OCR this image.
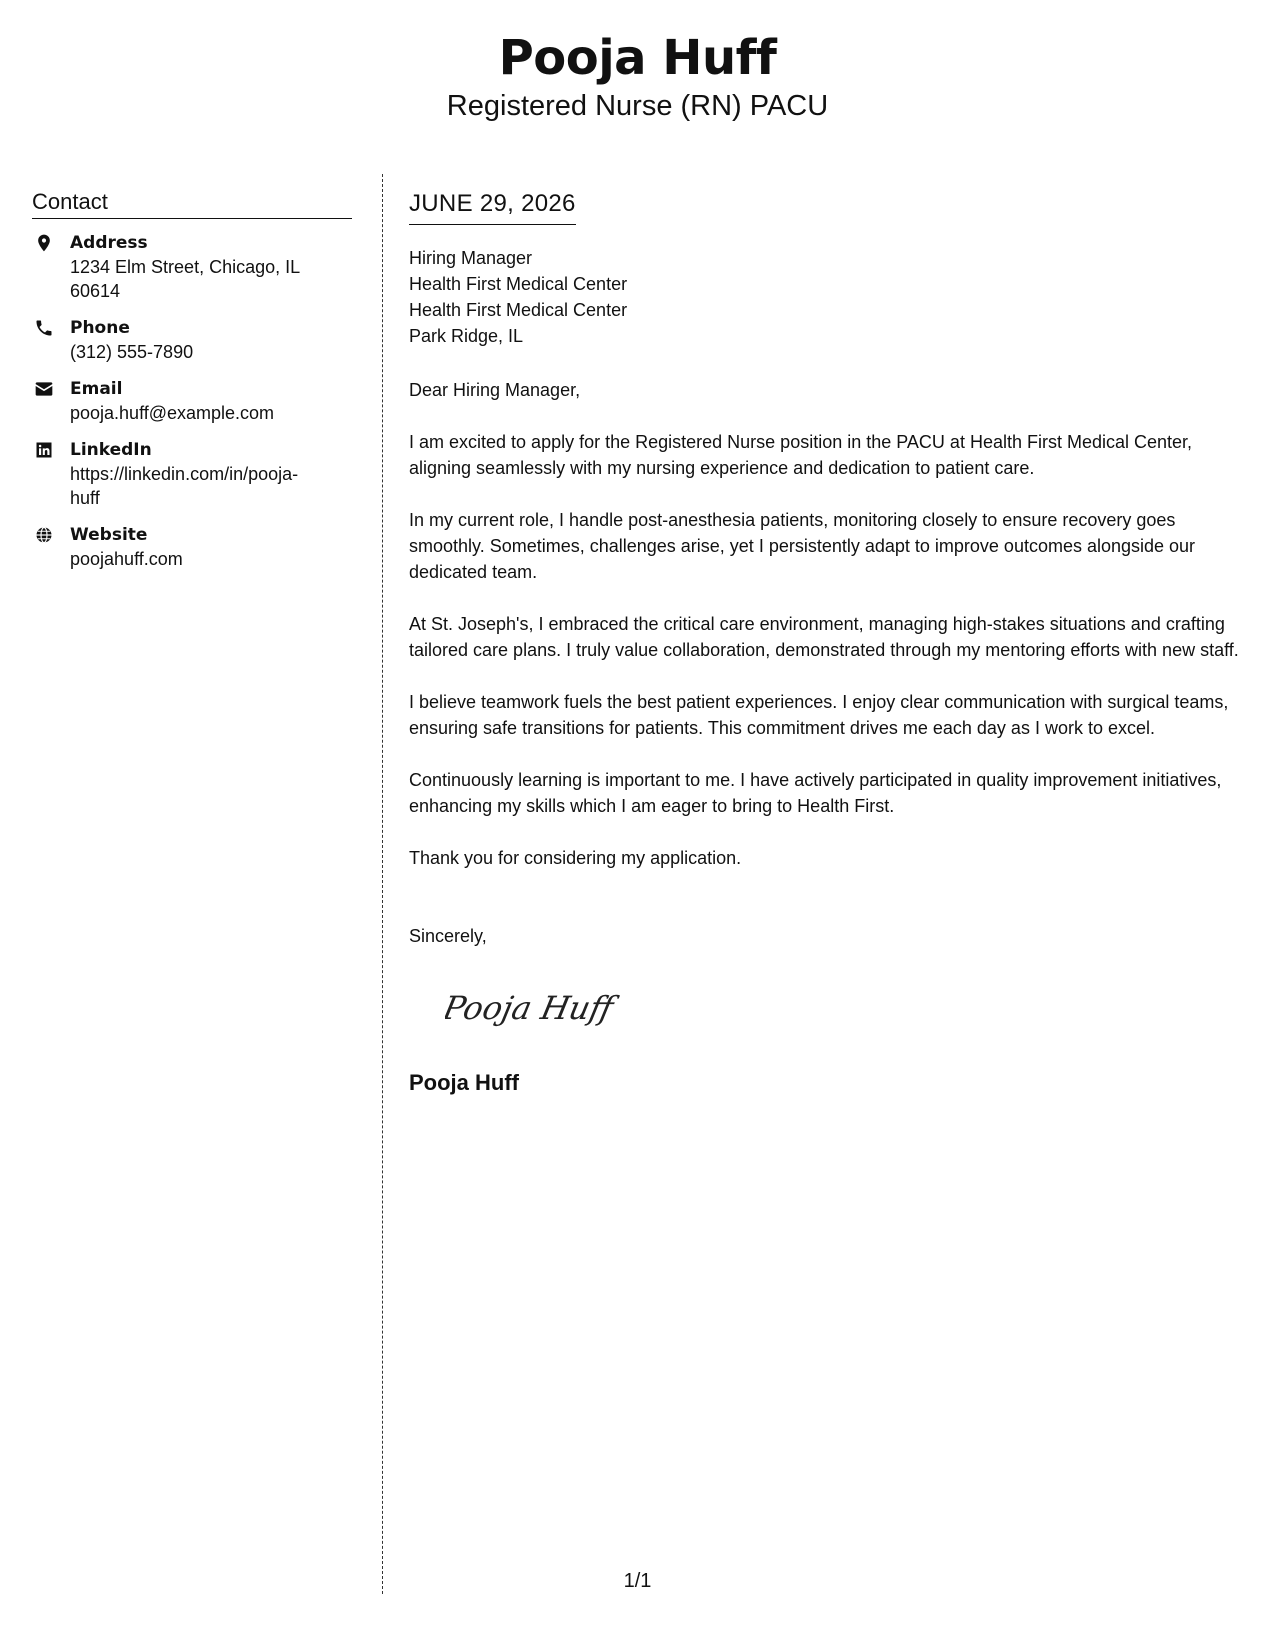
Pooja Huff
Registered Nurse (RN) PACU
Contact
Address
1234 Elm Street, Chicago, IL 60614
Phone
(312) 555-7890
Email
pooja.huff@example.com
LinkedIn
https://linkedin.com/in/pooja-huff
Website
poojahuff.com
JUNE 29, 2026
Hiring Manager
Health First Medical Center
Health First Medical Center
Park Ridge, IL
Dear Hiring Manager,
I am excited to apply for the Registered Nurse position in the PACU at Health First Medical Center, aligning seamlessly with my nursing experience and dedication to patient care.
In my current role, I handle post-anesthesia patients, monitoring closely to ensure recovery goes smoothly. Sometimes, challenges arise, yet I persistently adapt to improve outcomes alongside our dedicated team.
At St. Joseph's, I embraced the critical care environment, managing high-stakes situations and crafting tailored care plans. I truly value collaboration, demonstrated through my mentoring efforts with new staff.
I believe teamwork fuels the best patient experiences. I enjoy clear communication with surgical teams, ensuring safe transitions for patients. This commitment drives me each day as I work to excel.
Continuously learning is important to me. I have actively participated in quality improvement initiatives, enhancing my skills which I am eager to bring to Health First.
Thank you for considering my application.
Sincerely,
Pooja Huff
Pooja Huff
1/1
